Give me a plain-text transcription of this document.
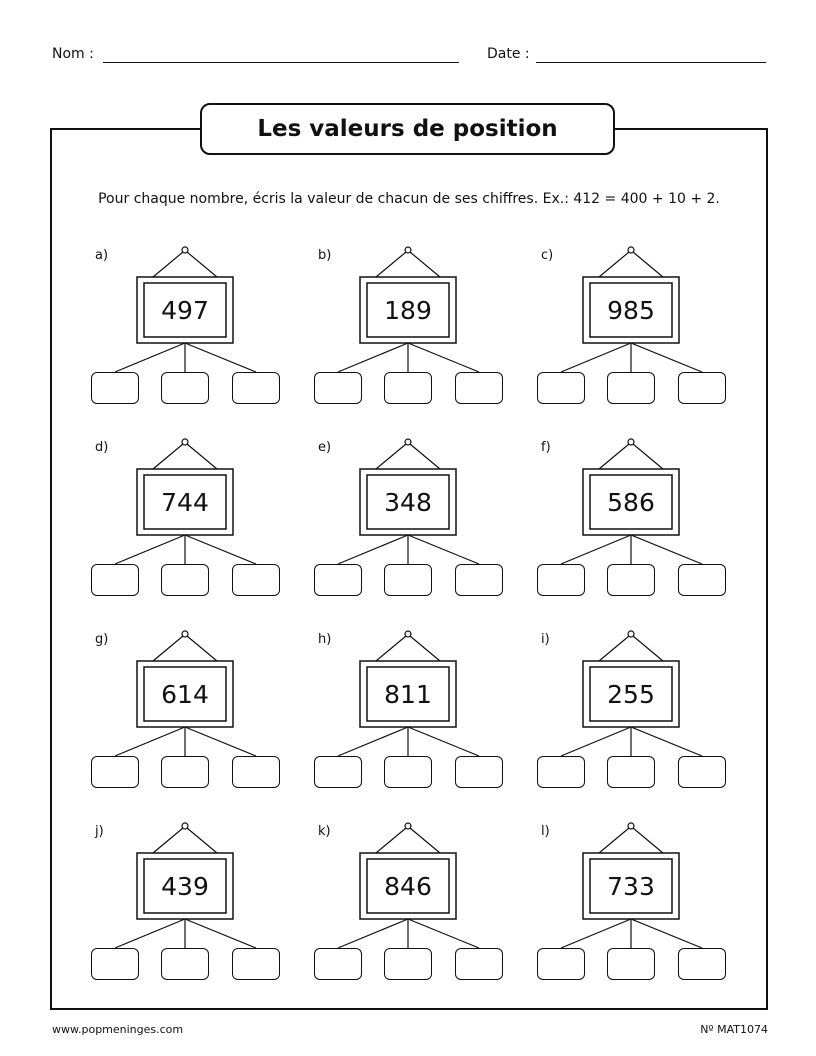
Nom :	Date :
Les valeurs de position
Pour chaque nombre, écris la valeur de chacun de ses chiffres. Ex.: 412 = 400 + 10 + 2.
a)
497
b)
189
c)
985
d)
744
e)
348
f)
586
g)
614
h)
811
i)
255
j)
439
k)
846
l)
733
www.popmeninges.com	Nº MAT1074
